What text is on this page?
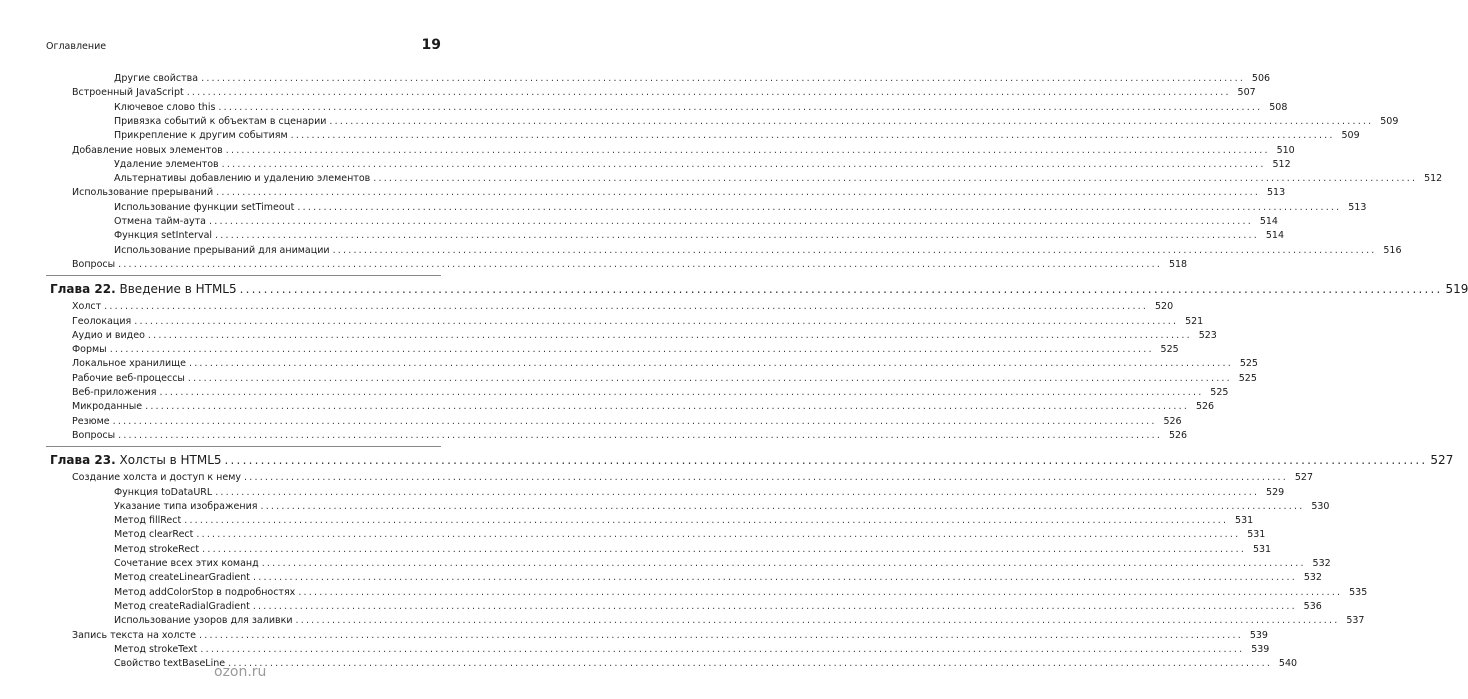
Оглавление	19
Другие свойства ........................................................................................................................................................................................................ 506
Встроенный JavaScript ........................................................................................................................................................................................................ 507
Ключевое слово this ........................................................................................................................................................................................................ 508
Привязка событий к объектам в сценарии ........................................................................................................................................................................................................ 509
Прикрепление к другим событиям ........................................................................................................................................................................................................ 509
Добавление новых элементов ........................................................................................................................................................................................................ 510
Удаление элементов ........................................................................................................................................................................................................ 512
Альтернативы добавлению и удалению элементов ........................................................................................................................................................................................................ 512
Использование прерываний ........................................................................................................................................................................................................ 513
Использование функции setTimeout ........................................................................................................................................................................................................ 513
Отмена тайм-аута ........................................................................................................................................................................................................ 514
Функция setInterval ........................................................................................................................................................................................................ 514
Использование прерываний для анимации ........................................................................................................................................................................................................ 516
Вопросы ........................................................................................................................................................................................................ 518
Глава 22. Введение в HTML5 ........................................................................................................................................................................................................ 519
Холст ........................................................................................................................................................................................................ 520
Геолокация ........................................................................................................................................................................................................ 521
Аудио и видео ........................................................................................................................................................................................................ 523
Формы ........................................................................................................................................................................................................ 525
Локальное хранилище ........................................................................................................................................................................................................ 525
Рабочие веб-процессы ........................................................................................................................................................................................................ 525
Веб-приложения ........................................................................................................................................................................................................ 525
Микроданные ........................................................................................................................................................................................................ 526
Резюме ........................................................................................................................................................................................................ 526
Вопросы ........................................................................................................................................................................................................ 526
Глава 23. Холсты в HTML5 ........................................................................................................................................................................................................ 527
Создание холста и доступ к нему ........................................................................................................................................................................................................ 527
Функция toDataURL ........................................................................................................................................................................................................ 529
Указание типа изображения ........................................................................................................................................................................................................ 530
Метод fillRect ........................................................................................................................................................................................................ 531
Метод clearRect ........................................................................................................................................................................................................ 531
Метод strokeRect ........................................................................................................................................................................................................ 531
Сочетание всех этих команд ........................................................................................................................................................................................................ 532
Метод createLinearGradient ........................................................................................................................................................................................................ 532
Метод addColorStop в подробностях ........................................................................................................................................................................................................ 535
Метод createRadialGradient ........................................................................................................................................................................................................ 536
Использование узоров для заливки ........................................................................................................................................................................................................ 537
Запись текста на холсте ........................................................................................................................................................................................................ 539
Метод strokeText ........................................................................................................................................................................................................ 539
Свойство textBaseLine ........................................................................................................................................................................................................ 540
ozon.ru
